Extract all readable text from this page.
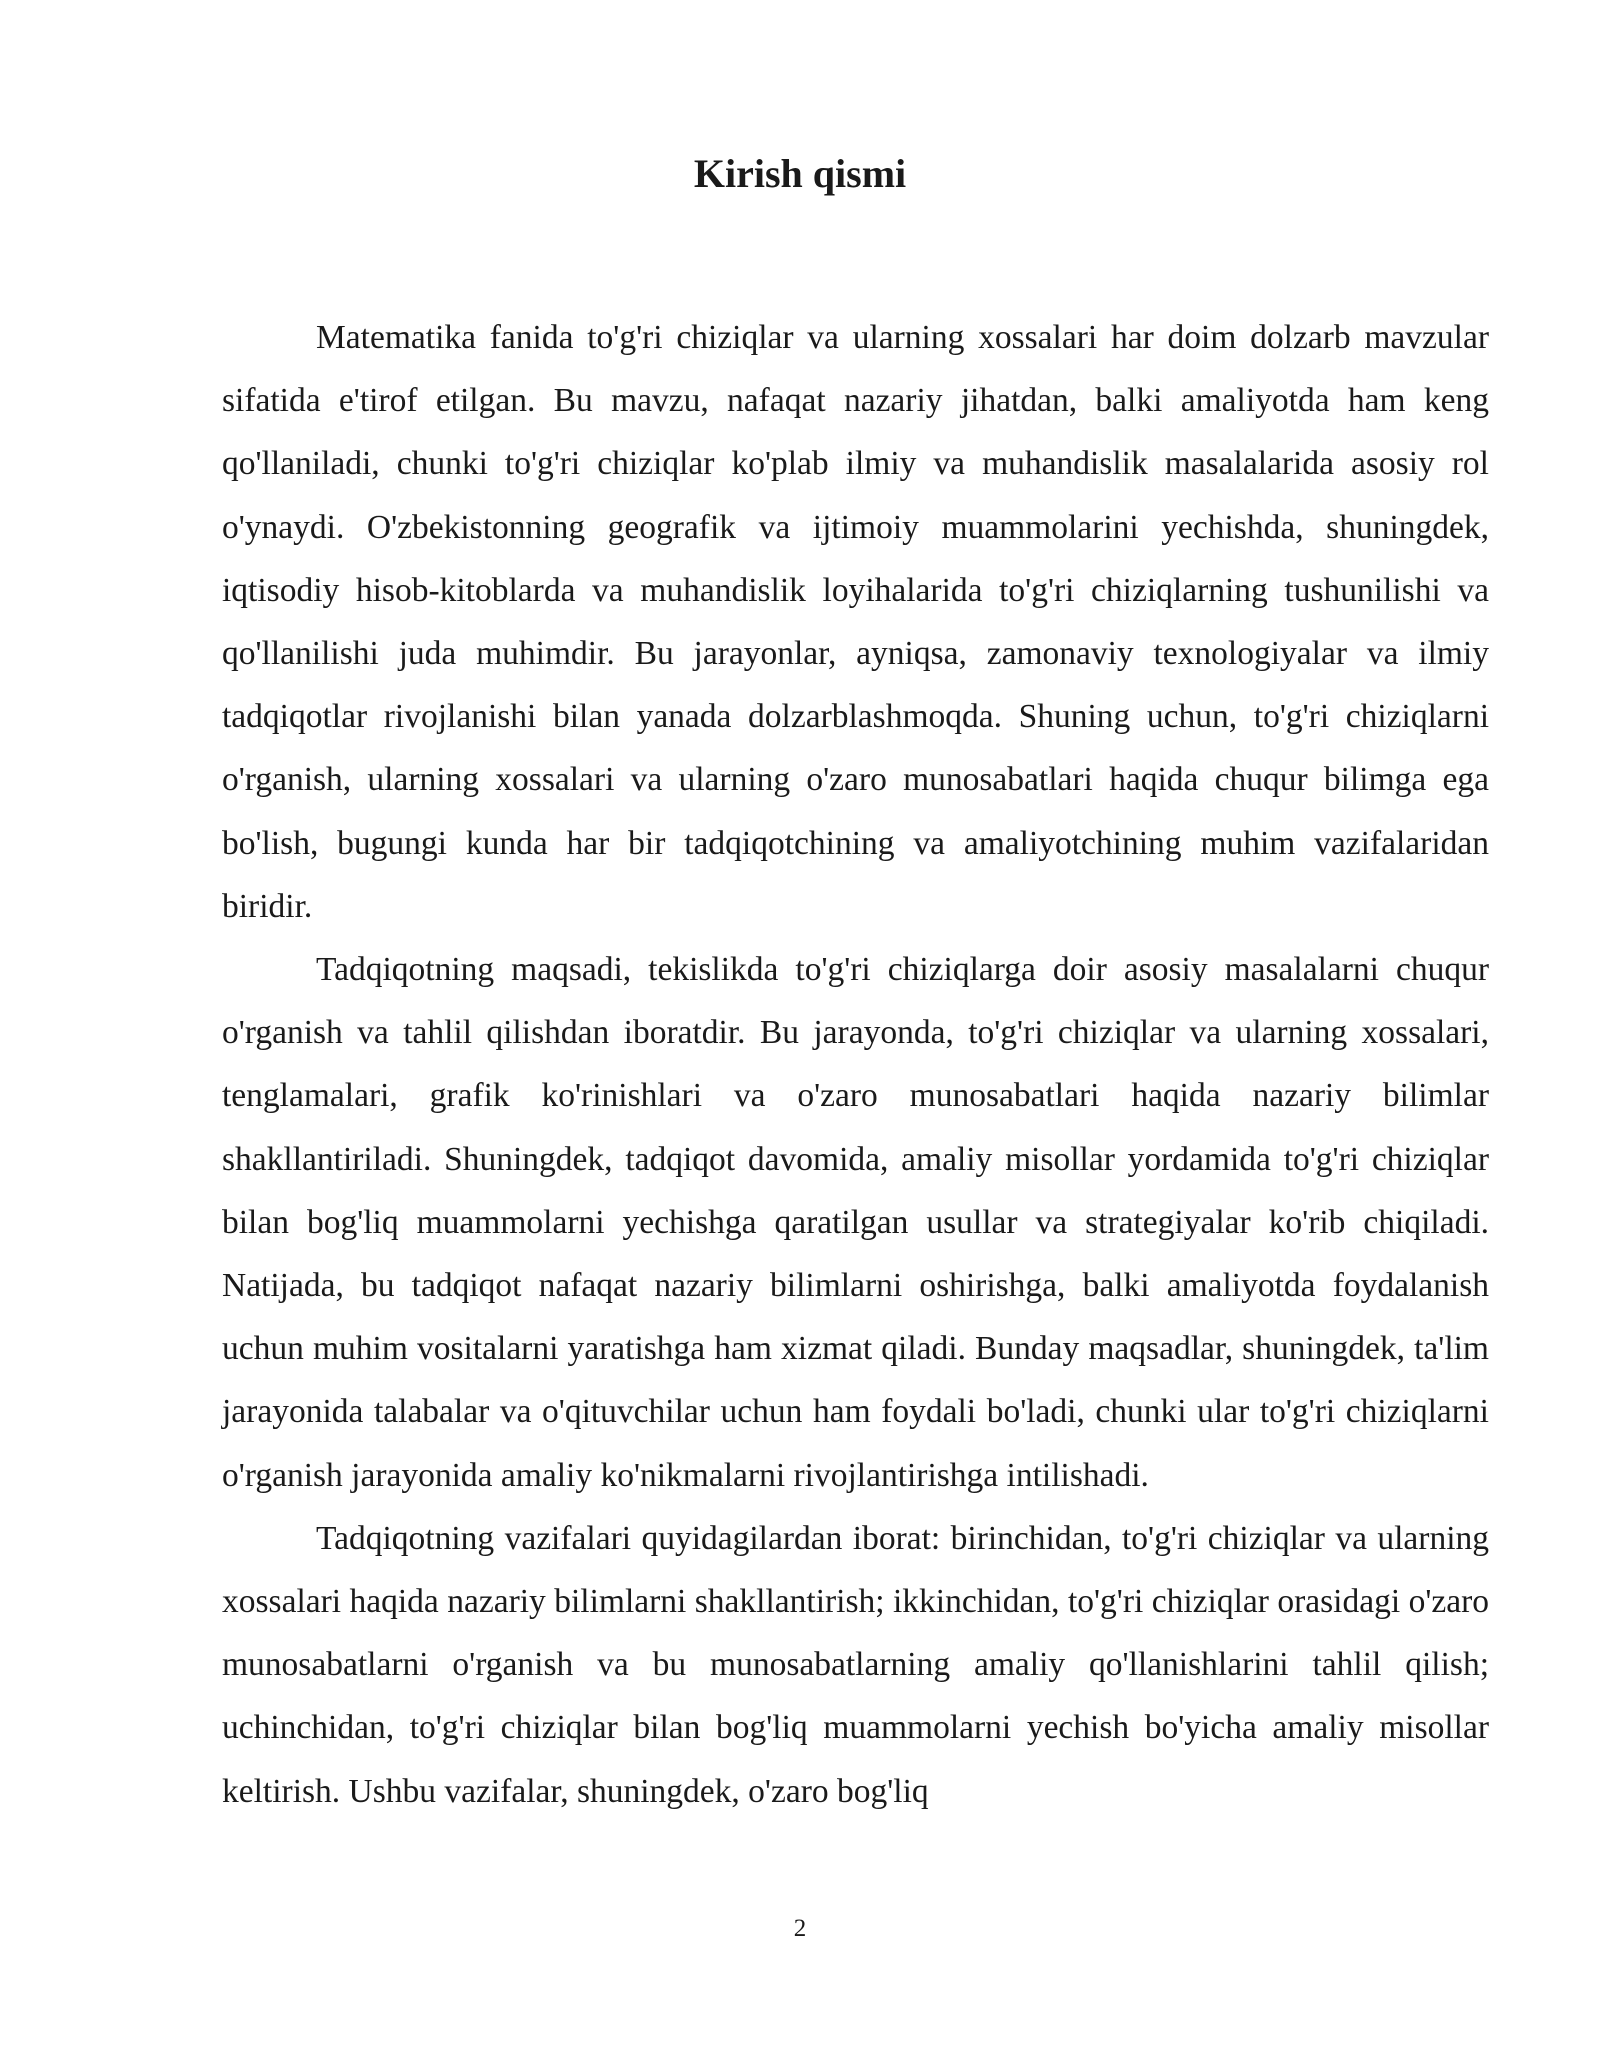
Kirish qismi

Matematika fanida to'g'ri chiziqlar va ularning xossalari har doim dolzarb mavzular sifatida e'tirof etilgan. Bu mavzu, nafaqat nazariy jihatdan, balki amaliyotda ham keng qo'llaniladi, chunki to'g'ri chiziqlar ko'plab ilmiy va muhandislik masalalarida asosiy rol o'ynaydi. O'zbekistonning geografik va ijtimoiy muammolarini yechishda, shuningdek, iqtisodiy hisob-kitoblarda va muhandislik loyihalarida to'g'ri chiziqlarning tushunilishi va qo'llanilishi juda muhimdir. Bu jarayonlar, ayniqsa, zamonaviy texnologiyalar va ilmiy tadqiqotlar rivojlanishi bilan yanada dolzarblashmoqda. Shuning uchun, to'g'ri chiziqlarni o'rganish, ularning xossalari va ularning o'zaro munosabatlari haqida chuqur bilimga ega bo'lish, bugungi kunda har bir tadqiqotchining va amaliyotchining muhim vazifalaridan biridir.

Tadqiqotning maqsadi, tekislikda to'g'ri chiziqlarga doir asosiy masalalarni chuqur o'rganish va tahlil qilishdan iboratdir. Bu jarayonda, to'g'ri chiziqlar va ularning xossalari, tenglamalari, grafik ko'rinishlari va o'zaro munosabatlari haqida nazariy bilimlar shakllantiriladi. Shuningdek, tadqiqot davomida, amaliy misollar yordamida to'g'ri chiziqlar bilan bog'liq muammolarni yechishga qaratilgan usullar va strategiyalar ko'rib chiqiladi. Natijada, bu tadqiqot nafaqat nazariy bilimlarni oshirishga, balki amaliyotda foydalanish uchun muhim vositalarni yaratishga ham xizmat qiladi. Bunday maqsadlar, shuningdek, ta'lim jarayonida talabalar va o'qituvchilar uchun ham foydali bo'ladi, chunki ular to'g'ri chiziqlarni o'rganish jarayonida amaliy ko'nikmalarni rivojlantirishga intilishadi.

Tadqiqotning vazifalari quyidagilardan iborat: birinchidan, to'g'ri chiziqlar va ularning xossalari haqida nazariy bilimlarni shakllantirish; ikkinchidan, to'g'ri chiziqlar orasidagi o'zaro munosabatlarni o'rganish va bu munosabatlarning amaliy qo'llanishlarini tahlil qilish; uchinchidan, to'g'ri chiziqlar bilan bog'liq muammolarni yechish bo'yicha amaliy misollar keltirish. Ushbu vazifalar, shuningdek, o'zaro bog'liq

2
